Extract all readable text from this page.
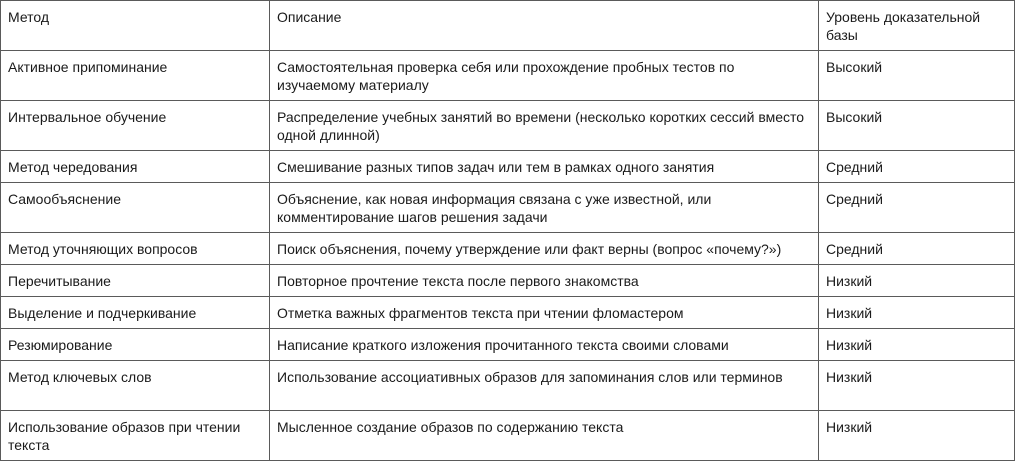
Метод	Описание	Уровень доказательной базы
Активное припоминание	Самостоятельная проверка себя или прохождение пробных тестов по изучаемому материалу	Высокий
Интервальное обучение	Распределение учебных занятий во времени (несколько коротких сессий вместо одной длинной)	Высокий
Метод чередования	Смешивание разных типов задач или тем в рамках одного занятия	Средний
Самообъяснение	Объяснение, как новая информация связана с уже известной, или комментирование шагов решения задачи	Средний
Метод уточняющих вопросов	Поиск объяснения, почему утверждение или факт верны (вопрос «почему?»)	Средний
Перечитывание	Повторное прочтение текста после первого знакомства	Низкий
Выделение и подчеркивание	Отметка важных фрагментов текста при чтении фломастером	Низкий
Резюмирование	Написание краткого изложения прочитанного текста своими словами	Низкий
Метод ключевых слов	Использование ассоциативных образов для запоминания слов или терминов	Низкий
Использование образов при чтении текста	Мысленное создание образов по содержанию текста	Низкий
